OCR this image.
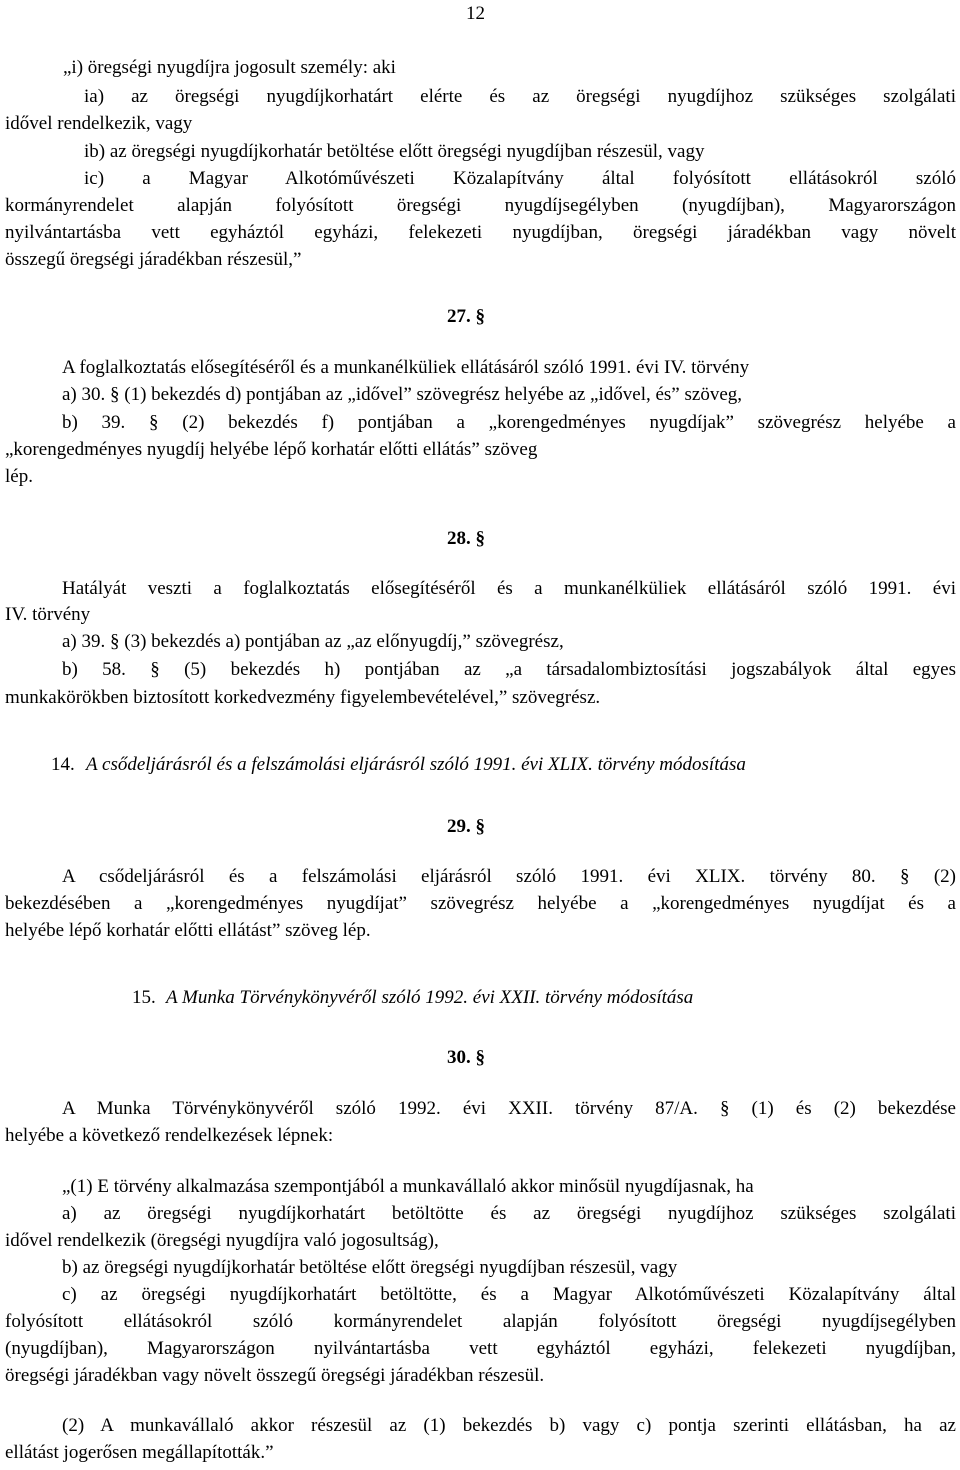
12
„i) öregségi nyugdíjra jogosult személy: aki
ia) az öregségi nyugdíjkorhatárt elérte és az öregségi nyugdíjhoz szükséges szolgálati
idővel rendelkezik, vagy
ib) az öregségi nyugdíjkorhatár betöltése előtt öregségi nyugdíjban részesül, vagy
ic) a Magyar Alkotóművészeti Közalapítvány által folyósított ellátásokról szóló
kormányrendelet alapján folyósított öregségi nyugdíjsegélyben (nyugdíjban), Magyarországon
nyilvántartásba vett egyháztól egyházi, felekezeti nyugdíjban, öregségi járadékban vagy növelt
összegű öregségi járadékban részesül,”
27. §
A foglalkoztatás elősegítéséről és a munkanélküliek ellátásáról szóló 1991. évi IV. törvény
a) 30. § (1) bekezdés d) pontjában az „idővel” szövegrész helyébe az „idővel, és” szöveg,
b) 39. § (2) bekezdés f) pontjában a „korengedményes nyugdíjak” szövegrész helyébe a
„korengedményes nyugdíj helyébe lépő korhatár előtti ellátás” szöveg
lép.
28. §
Hatályát veszti a foglalkoztatás elősegítéséről és a munkanélküliek ellátásáról szóló 1991. évi
IV. törvény
a) 39. § (3) bekezdés a) pontjában az „az előnyugdíj,” szövegrész,
b) 58. § (5) bekezdés h) pontjában az „a társadalombiztosítási jogszabályok által egyes
munkakörökben biztosított korkedvezmény figyelembevételével,” szövegrész.
14. A csődeljárásról és a felszámolási eljárásról szóló 1991. évi XLIX. törvény módosítása
29. §
A csődeljárásról és a felszámolási eljárásról szóló 1991. évi XLIX. törvény 80. § (2)
bekezdésében a „korengedményes nyugdíjat” szövegrész helyébe a „korengedményes nyugdíjat és a
helyébe lépő korhatár előtti ellátást” szöveg lép.
15. A Munka Törvénykönyvéről szóló 1992. évi XXII. törvény módosítása
30. §
A Munka Törvénykönyvéről szóló 1992. évi XXII. törvény 87/A. § (1) és (2) bekezdése
helyébe a következő rendelkezések lépnek:
„(1) E törvény alkalmazása szempontjából a munkavállaló akkor minősül nyugdíjasnak, ha
a) az öregségi nyugdíjkorhatárt betöltötte és az öregségi nyugdíjhoz szükséges szolgálati
idővel rendelkezik (öregségi nyugdíjra való jogosultság),
b) az öregségi nyugdíjkorhatár betöltése előtt öregségi nyugdíjban részesül, vagy
c) az öregségi nyugdíjkorhatárt betöltötte, és a Magyar Alkotóművészeti Közalapítvány által
folyósított ellátásokról szóló kormányrendelet alapján folyósított öregségi nyugdíjsegélyben
(nyugdíjban), Magyarországon nyilvántartásba vett egyháztól egyházi, felekezeti nyugdíjban,
öregségi járadékban vagy növelt összegű öregségi járadékban részesül.
(2) A munkavállaló akkor részesül az (1) bekezdés b) vagy c) pontja szerinti ellátásban, ha az
ellátást jogerősen megállapították.”
